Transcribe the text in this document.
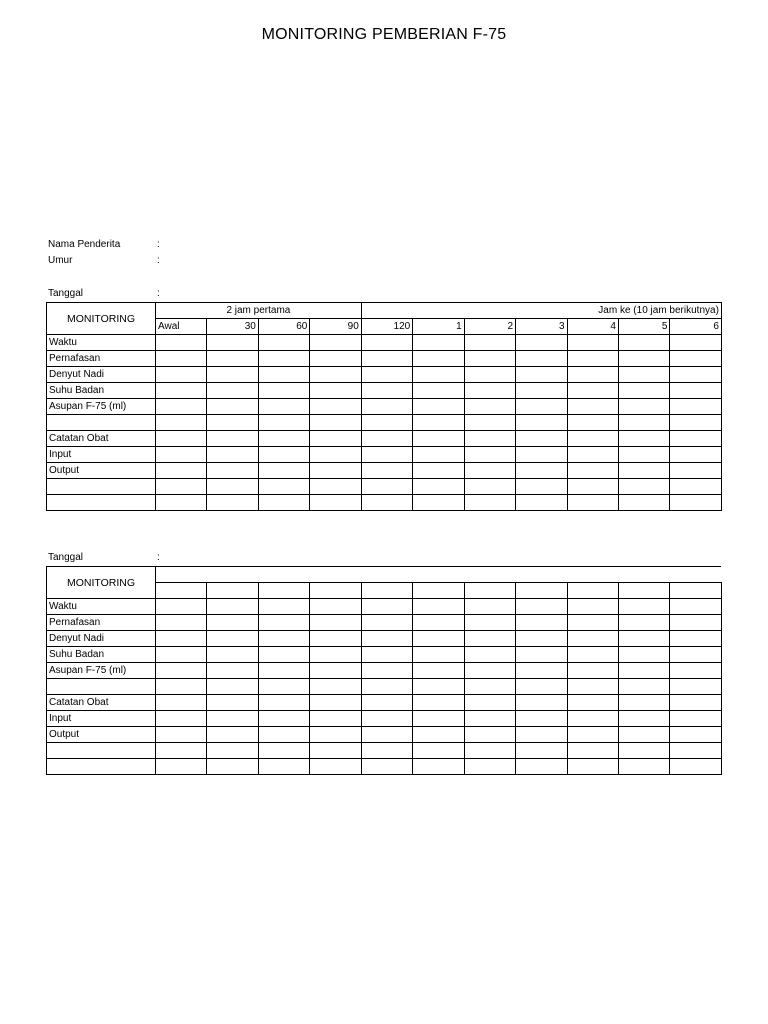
MONITORING PEMBERIAN F-75
Nama Penderita	:
Umur	:
Tanggal	:
MONITORING	2 jam pertama				Jam ke (10 jam berikutnya)						
	Awal	30	60	90	120	1	2	3	4	5	6
Waktu											
Pernafasan											
Denyut Nadi											
Suhu Badan											
Asupan F-75 (ml)											

Catatan Obat											
Input											
Output											

Tanggal	:
MONITORING											

Waktu											
Pernafasan											
Denyut Nadi											
Suhu Badan											
Asupan F-75 (ml)											

Catatan Obat											
Input											
Output											
